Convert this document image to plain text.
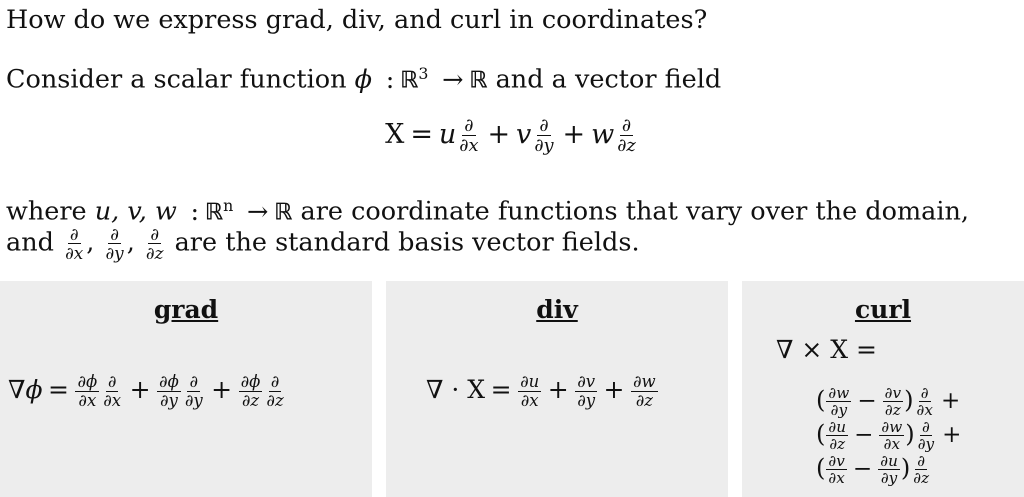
How do we express grad, div, and curl in coordinates?
Consider a scalar function ϕ : ℝ$^3$ → ℝ and a vector field
X = u $\frac{\partial}{\partial x} + v \frac{\partial}{\partial y} + w \frac{\partial}{\partial z}$
where u, v, w : ℝ$^n$ → ℝ are coordinate functions that vary over the domain,
and $\frac{\partial}{\partial x}$ , $\frac{\partial}{\partial y}$ , $\frac{\partial}{\partial z}$ are the standard basis vector fields.
grad
$\nabla\phi = \frac{\partial\phi}{\partial x} \frac{\partial}{\partial x} + \frac{\partial\phi}{\partial y} \frac{\partial}{\partial y} + \frac{\partial\phi}{\partial z} \frac{\partial}{\partial z}$
div
∇ · $X = \frac{\partial u}{\partial x} + \frac{\partial v}{\partial y} + \frac{\partial w}{\partial z}$
curl
∇ × X =
( $\frac{\partial w}{\partial y} - \frac{\partial v}{\partial z}$ ) $\frac{\partial}{\partial x}$ +
( $\frac{\partial u}{\partial z} - \frac{\partial w}{\partial x}$ ) $\frac{\partial}{\partial y}$ +
( $\frac{\partial v}{\partial x} - \frac{\partial u}{\partial y}$ ) $\frac{\partial}{\partial z}$
